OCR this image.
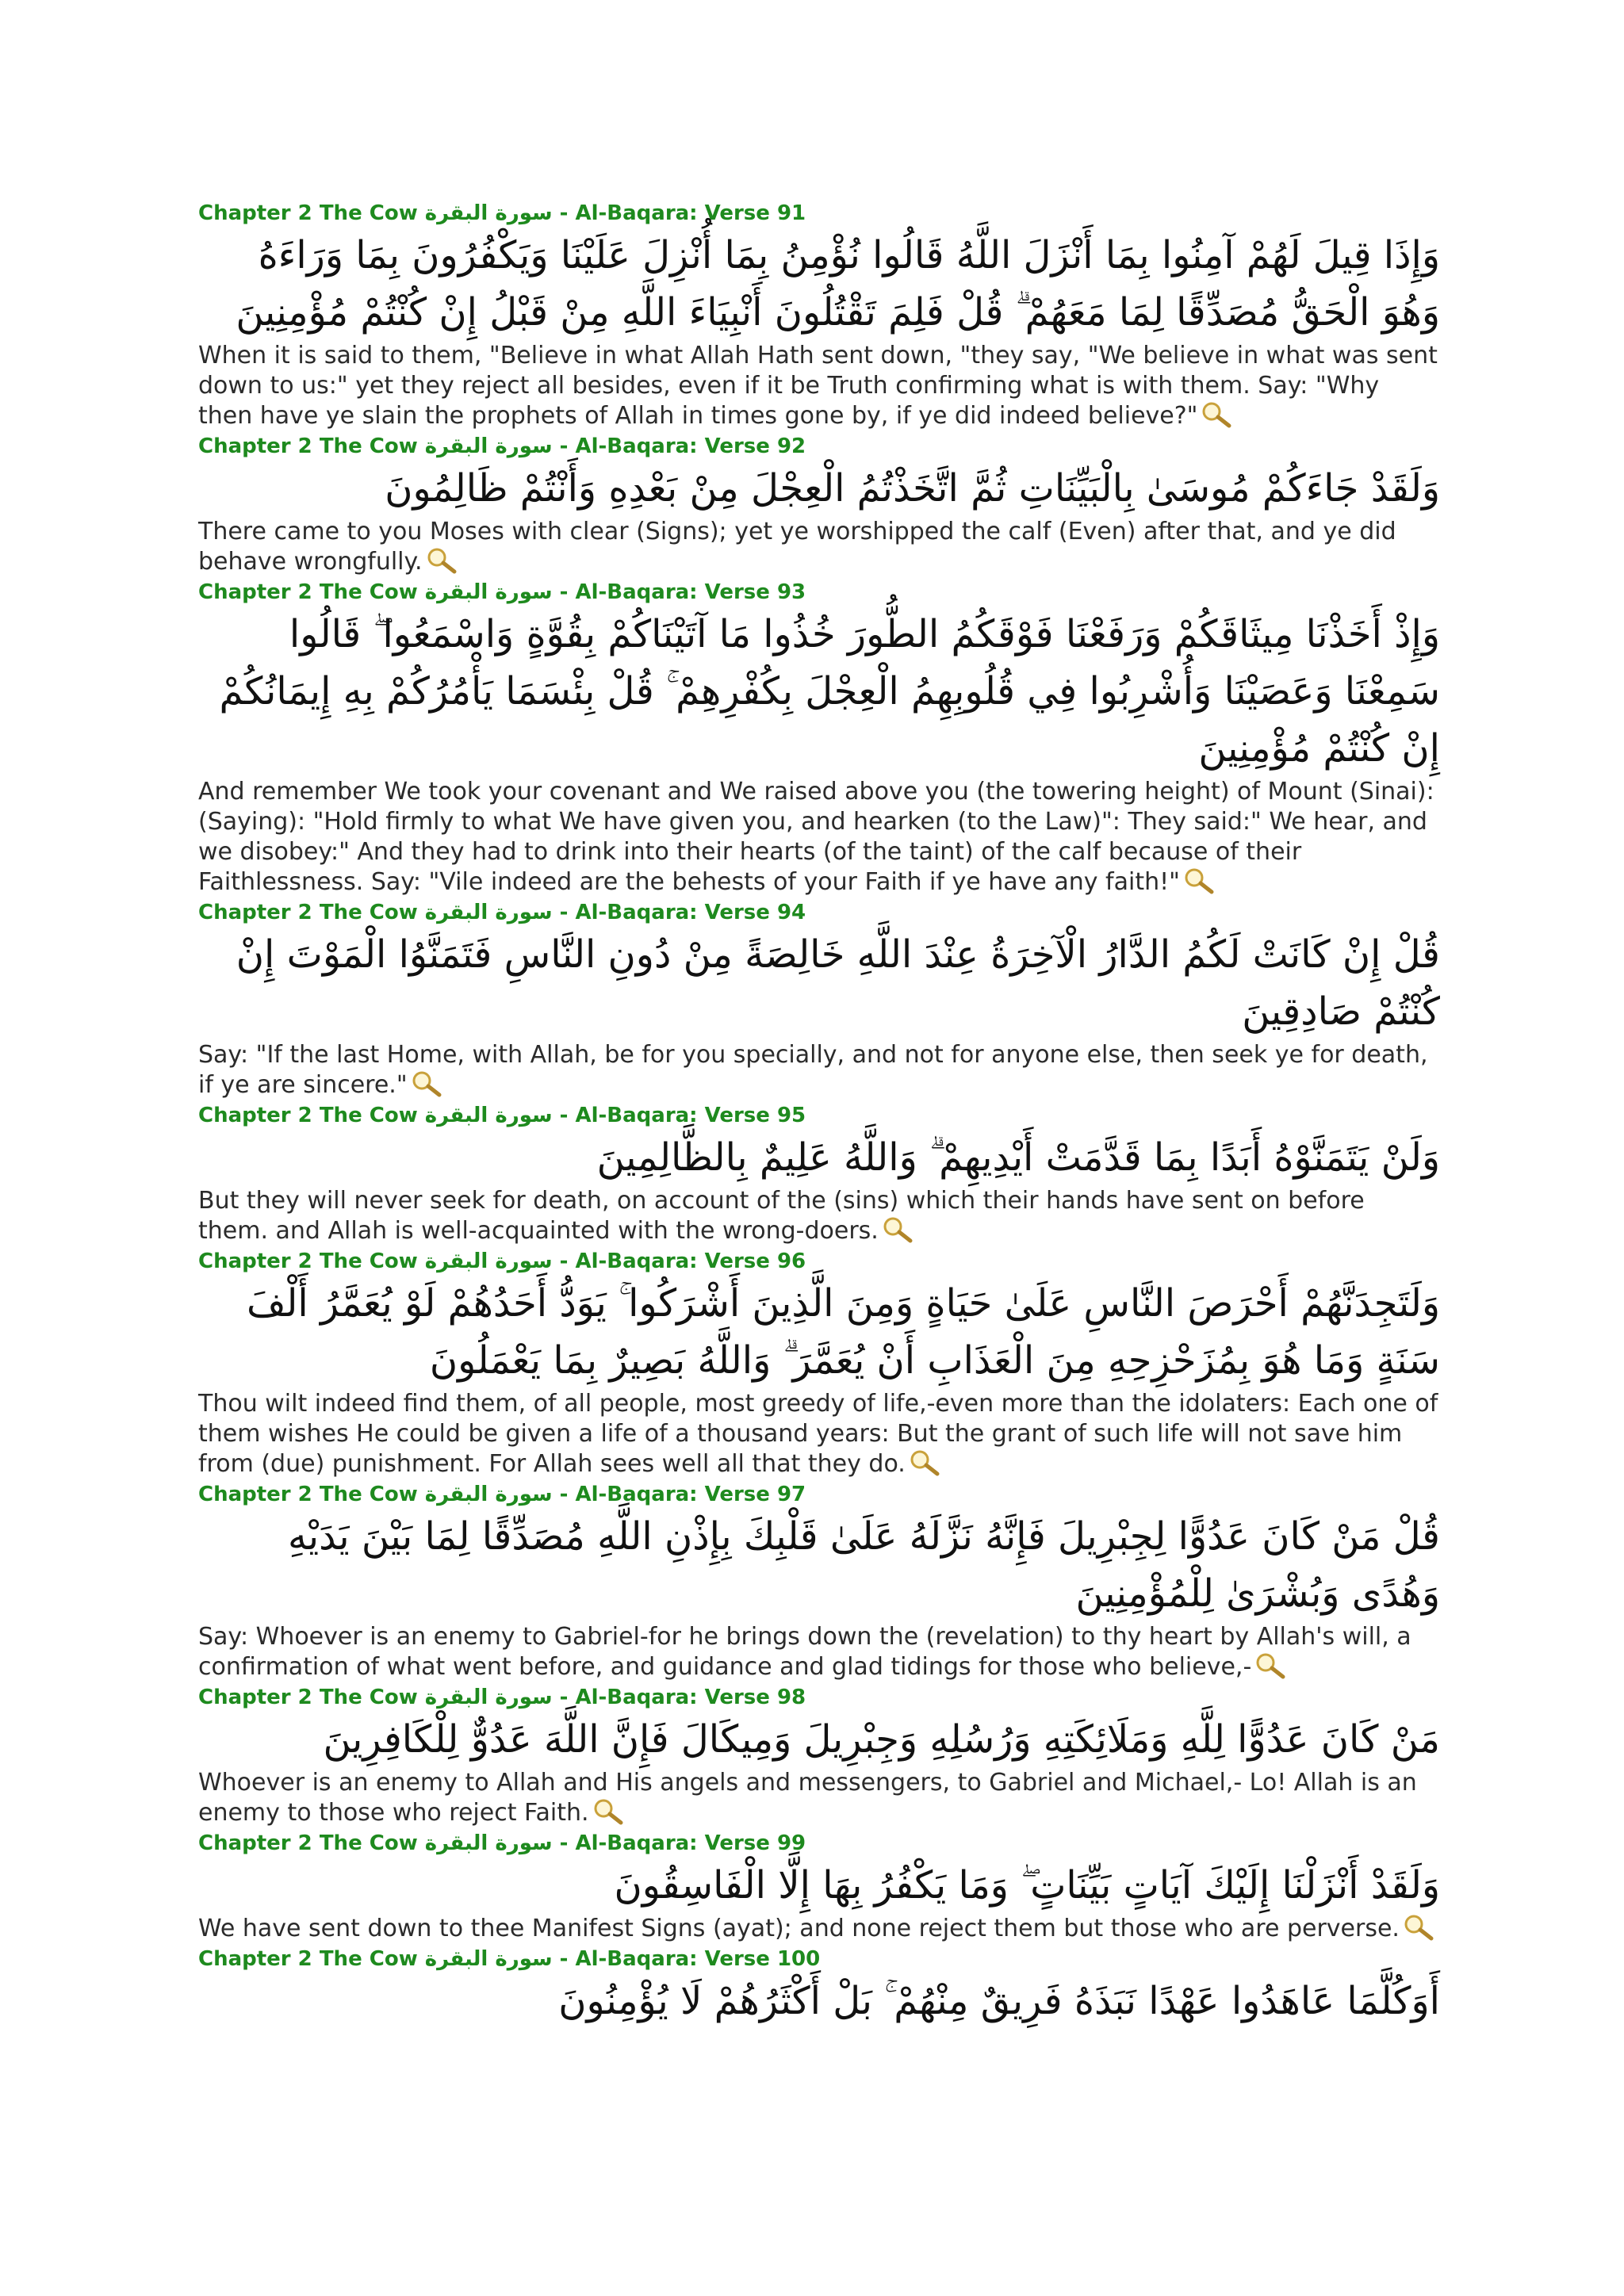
Chapter 2 The Cow سورة البقرة - Al-Baqara: Verse 91

وَإِذَا قِيلَ لَهُمْ آمِنُوا بِمَا أَنْزَلَ اللَّهُ قَالُوا نُؤْمِنُ بِمَا أُنْزِلَ عَلَيْنَا وَيَكْفُرُونَ بِمَا وَرَاءَهُ وَهُوَ الْحَقُّ مُصَدِّقًا لِمَا مَعَهُمْ ۗ قُلْ فَلِمَ تَقْتُلُونَ أَنْبِيَاءَ اللَّهِ مِنْ قَبْلُ إِنْ كُنْتُمْ مُؤْمِنِينَ

When it is said to them, "Believe in what Allah Hath sent down, "they say, "We believe in what was sent down to us:" yet they reject all besides, even if it be Truth confirming what is with them. Say: "Why then have ye slain the prophets of Allah in times gone by, if ye did indeed believe?"

Chapter 2 The Cow سورة البقرة - Al-Baqara: Verse 92

وَلَقَدْ جَاءَكُمْ مُوسَىٰ بِالْبَيِّنَاتِ ثُمَّ اتَّخَذْتُمُ الْعِجْلَ مِنْ بَعْدِهِ وَأَنْتُمْ ظَالِمُونَ

There came to you Moses with clear (Signs); yet ye worshipped the calf (Even) after that, and ye did behave wrongfully.

Chapter 2 The Cow سورة البقرة - Al-Baqara: Verse 93

وَإِذْ أَخَذْنَا مِيثَاقَكُمْ وَرَفَعْنَا فَوْقَكُمُ الطُّورَ خُذُوا مَا آتَيْنَاكُمْ بِقُوَّةٍ وَاسْمَعُوا ۖ قَالُوا سَمِعْنَا وَعَصَيْنَا وَأُشْرِبُوا فِي قُلُوبِهِمُ الْعِجْلَ بِكُفْرِهِمْ ۚ قُلْ بِئْسَمَا يَأْمُرُكُمْ بِهِ إِيمَانُكُمْ إِنْ كُنْتُمْ مُؤْمِنِينَ

And remember We took your covenant and We raised above you (the towering height) of Mount (Sinai): (Saying): "Hold firmly to what We have given you, and hearken (to the Law)": They said:" We hear, and we disobey:" And they had to drink into their hearts (of the taint) of the calf because of their Faithlessness. Say: "Vile indeed are the behests of your Faith if ye have any faith!"

Chapter 2 The Cow سورة البقرة - Al-Baqara: Verse 94

قُلْ إِنْ كَانَتْ لَكُمُ الدَّارُ الْآخِرَةُ عِنْدَ اللَّهِ خَالِصَةً مِنْ دُونِ النَّاسِ فَتَمَنَّوُا الْمَوْتَ إِنْ كُنْتُمْ صَادِقِينَ

Say: "If the last Home, with Allah, be for you specially, and not for anyone else, then seek ye for death, if ye are sincere."

Chapter 2 The Cow سورة البقرة - Al-Baqara: Verse 95

وَلَنْ يَتَمَنَّوْهُ أَبَدًا بِمَا قَدَّمَتْ أَيْدِيهِمْ ۗ وَاللَّهُ عَلِيمٌ بِالظَّالِمِينَ

But they will never seek for death, on account of the (sins) which their hands have sent on before them. and Allah is well-acquainted with the wrong-doers.

Chapter 2 The Cow سورة البقرة - Al-Baqara: Verse 96

وَلَتَجِدَنَّهُمْ أَحْرَصَ النَّاسِ عَلَىٰ حَيَاةٍ وَمِنَ الَّذِينَ أَشْرَكُوا ۚ يَوَدُّ أَحَدُهُمْ لَوْ يُعَمَّرُ أَلْفَ سَنَةٍ وَمَا هُوَ بِمُزَحْزِحِهِ مِنَ الْعَذَابِ أَنْ يُعَمَّرَ ۗ وَاللَّهُ بَصِيرٌ بِمَا يَعْمَلُونَ

Thou wilt indeed find them, of all people, most greedy of life,-even more than the idolaters: Each one of them wishes He could be given a life of a thousand years: But the grant of such life will not save him from (due) punishment. For Allah sees well all that they do.

Chapter 2 The Cow سورة البقرة - Al-Baqara: Verse 97

قُلْ مَنْ كَانَ عَدُوًّا لِجِبْرِيلَ فَإِنَّهُ نَزَّلَهُ عَلَىٰ قَلْبِكَ بِإِذْنِ اللَّهِ مُصَدِّقًا لِمَا بَيْنَ يَدَيْهِ وَهُدًى وَبُشْرَىٰ لِلْمُؤْمِنِينَ

Say: Whoever is an enemy to Gabriel-for he brings down the (revelation) to thy heart by Allah's will, a confirmation of what went before, and guidance and glad tidings for those who believe,-

Chapter 2 The Cow سورة البقرة - Al-Baqara: Verse 98

مَنْ كَانَ عَدُوًّا لِلَّهِ وَمَلَائِكَتِهِ وَرُسُلِهِ وَجِبْرِيلَ وَمِيكَالَ فَإِنَّ اللَّهَ عَدُوٌّ لِلْكَافِرِينَ

Whoever is an enemy to Allah and His angels and messengers, to Gabriel and Michael,- Lo! Allah is an enemy to those who reject Faith.

Chapter 2 The Cow سورة البقرة - Al-Baqara: Verse 99

وَلَقَدْ أَنْزَلْنَا إِلَيْكَ آيَاتٍ بَيِّنَاتٍ ۖ وَمَا يَكْفُرُ بِهَا إِلَّا الْفَاسِقُونَ

We have sent down to thee Manifest Signs (ayat); and none reject them but those who are perverse.

Chapter 2 The Cow سورة البقرة - Al-Baqara: Verse 100

أَوَكُلَّمَا عَاهَدُوا عَهْدًا نَبَذَهُ فَرِيقٌ مِنْهُمْ ۚ بَلْ أَكْثَرُهُمْ لَا يُؤْمِنُونَ
